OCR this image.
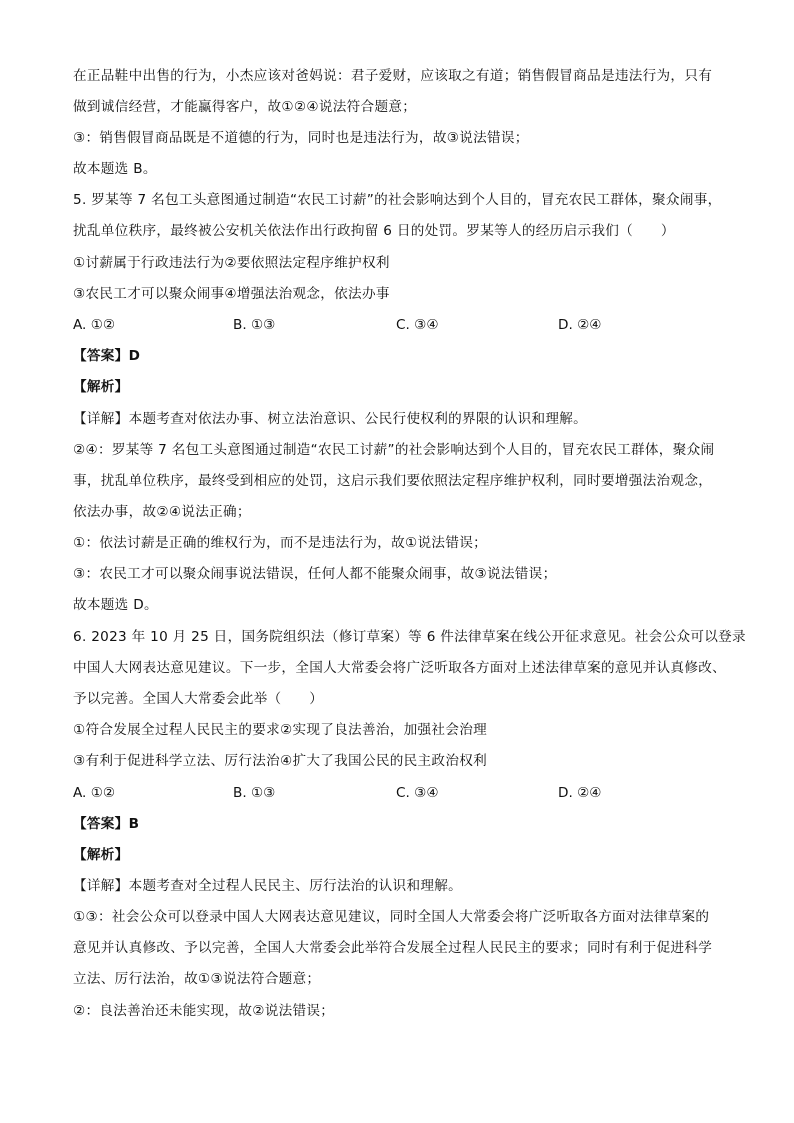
在正品鞋中出售的行为，小杰应该对爸妈说：君子爱财，应该取之有道；销售假冒商品是违法行为，只有
做到诚信经营，才能赢得客户，故①②④说法符合题意；
③：销售假冒商品既是不道德的行为，同时也是违法行为，故③说法错误；
故本题选 B。
5. 罗某等 7 名包工头意图通过制造“农民工讨薪”的社会影响达到个人目的，冒充农民工群体，聚众闹事，
扰乱单位秩序，最终被公安机关依法作出行政拘留 6 日的处罚。罗某等人的经历启示我们（　　）
①讨薪属于行政违法行为②要依照法定程序维护权利
③农民工才可以聚众闹事④增强法治观念，依法办事
A. ①②	B. ①③	C. ③④	D. ②④
【答案】D
【解析】
【详解】本题考查对依法办事、树立法治意识、公民行使权利的界限的认识和理解。
②④：罗某等 7 名包工头意图通过制造“农民工讨薪”的社会影响达到个人目的，冒充农民工群体，聚众闹
事，扰乱单位秩序，最终受到相应的处罚，这启示我们要依照法定程序维护权利，同时要增强法治观念，
依法办事，故②④说法正确；
①：依法讨薪是正确的维权行为，而不是违法行为，故①说法错误；
③：农民工才可以聚众闹事说法错误，任何人都不能聚众闹事，故③说法错误；
故本题选 D。
6. 2023 年 10 月 25 日，国务院组织法（修订草案）等 6 件法律草案在线公开征求意见。社会公众可以登录
中国人大网表达意见建议。下一步，全国人大常委会将广泛听取各方面对上述法律草案的意见并认真修改、
予以完善。全国人大常委会此举（　　）
①符合发展全过程人民民主的要求②实现了良法善治，加强社会治理
③有利于促进科学立法、厉行法治④扩大了我国公民的民主政治权利
A. ①②	B. ①③	C. ③④	D. ②④
【答案】B
【解析】
【详解】本题考查对全过程人民民主、厉行法治的认识和理解。
①③：社会公众可以登录中国人大网表达意见建议，同时全国人大常委会将广泛听取各方面对法律草案的
意见并认真修改、予以完善，全国人大常委会此举符合发展全过程人民民主的要求；同时有利于促进科学
立法、厉行法治，故①③说法符合题意；
②：良法善治还未能实现，故②说法错误；
